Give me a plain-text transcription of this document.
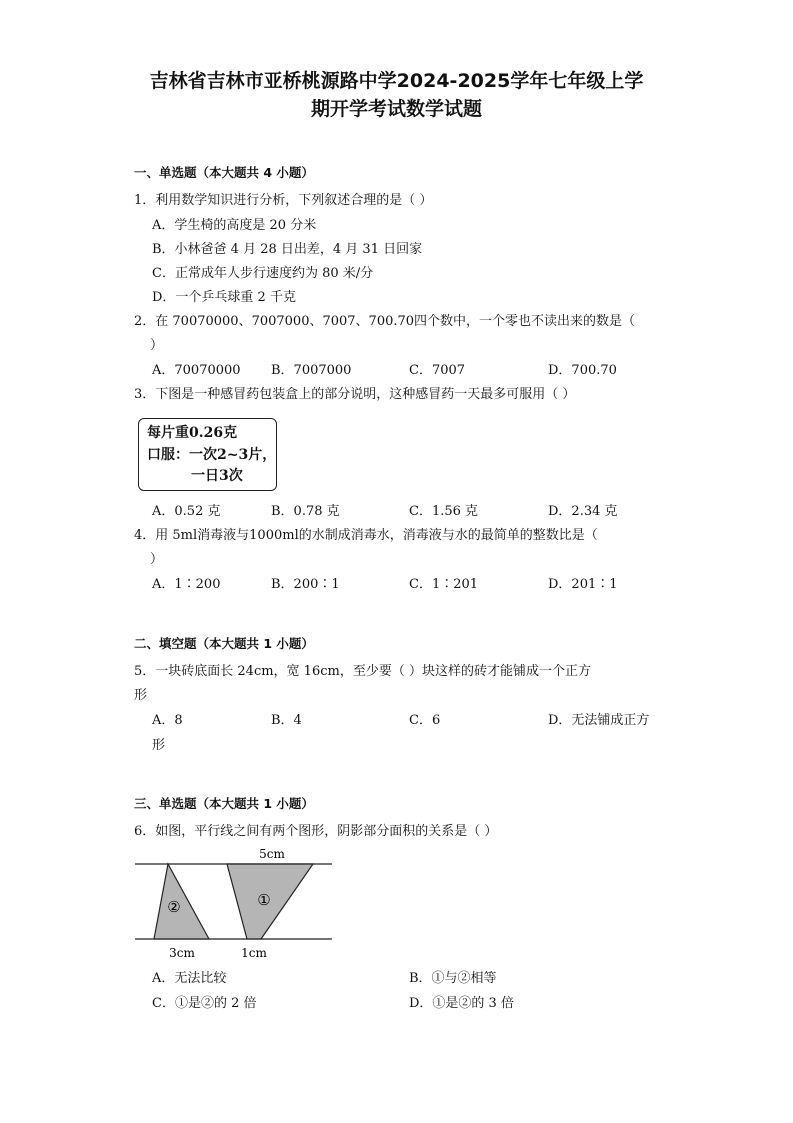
吉林省吉林市亚桥桃源路中学2024-2025学年七年级上学
期开学考试数学试题
一、单选题（本大题共 4 小题）
1．利用数学知识进行分析，下列叙述合理的是（ ）
A．学生椅的高度是 20 分米
B．小林爸爸 4 月 28 日出差，4 月 31 日回家
C．正常成年人步行速度约为 80 米/分
D．一个乒乓球重 2 千克
2．在 70070000、7007000、7007、700.70四个数中，一个零也不读出来的数是（
）
A．70070000 B．7007000	C．7007	D．700.70
3．下图是一种感冒药包装盒上的部分说明，这种感冒药一天最多可服用（ ）
每片重0.26克
口服：一次2~3片，
一日3次
A．0.52 克	B．0.78 克	C．1.56 克	D．2.34 克
4．用 5ml消毒液与1000ml的水制成消毒水，消毒液与水的最简单的整数比是（
）
A．1∶200	B．200∶1	C．1∶201	D．201∶1
二、填空题（本大题共 1 小题）
5．一块砖底面长 24cm，宽 16cm，至少要（ ）块这样的砖才能铺成一个正方
形
A．8	B．4	C．6	D．无法铺成正方
形
三、单选题（本大题共 1 小题）
6．如图，平行线之间有两个图形，阴影部分面积的关系是（ ）
5cm
3cm	1cm
①
②
A．无法比较	B．①与②相等
C．①是②的 2 倍	D．①是②的 3 倍
